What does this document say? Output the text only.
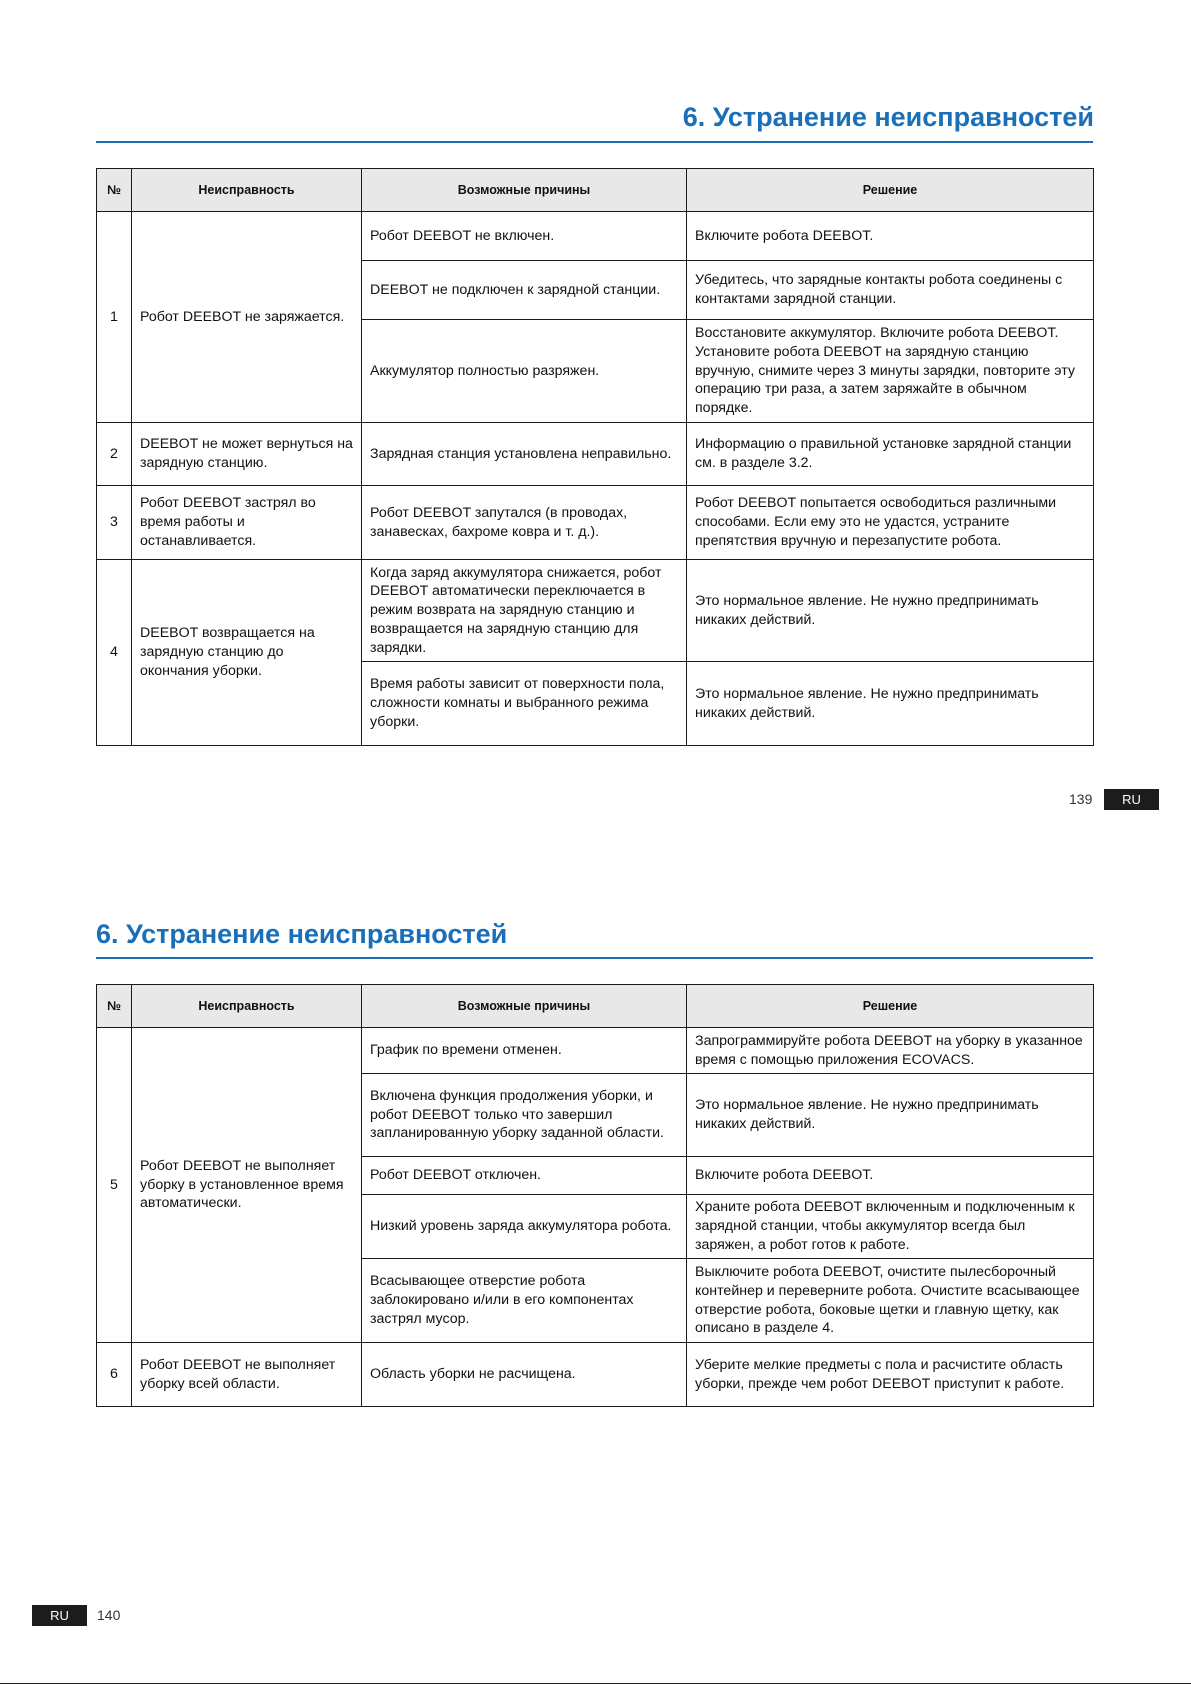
6. Устранение неисправностей
№	Неисправность	Возможные причины	Решение
1	Робот DEEBOT не заряжается.	Робот DEEBOT не включен.	Включите робота DEEBOT.
		DEEBOT не подключен к зарядной станции.	Убедитесь, что зарядные контакты робота соединены с контактами зарядной станции.
		Аккумулятор полностью разряжен.	Восстановите аккумулятор. Включите робота DEEBOT. Установите робота DEEBOT на зарядную станцию вручную, снимите через 3 минуты зарядки, повторите эту операцию три раза, а затем заряжайте в обычном порядке.
2	DEEBOT не может вернуться на зарядную станцию.	Зарядная станция установлена неправильно.	Информацию о правильной установке зарядной станции см. в разделе 3.2.
3	Робот DEEBOT застрял во время работы и останавливается.	Робот DEEBOT запутался (в проводах, занавесках, бахроме ковра и т. д.).	Робот DEEBOT попытается освободиться различными способами. Если ему это не удастся, устраните препятствия вручную и перезапустите робота.
4	DEEBOT возвращается на зарядную станцию до окончания уборки.	Когда заряд аккумулятора снижается, робот DEEBOT автоматически переключается в режим возврата на зарядную станцию и возвращается на зарядную станцию для зарядки.	Это нормальное явление. Не нужно предпринимать никаких действий.
		Время работы зависит от поверхности пола, сложности комнаты и выбранного режима уборки.	Это нормальное явление. Не нужно предпринимать никаких действий.
139	RU
6. Устранение неисправностей
№	Неисправность	Возможные причины	Решение
5	Робот DEEBOT не выполняет уборку в установленное время автоматически.	График по времени отменен.	Запрограммируйте робота DEEBOT на уборку в указанное время с помощью приложения ECOVACS.
		Включена функция продолжения уборки, и робот DEEBOT только что завершил запланированную уборку заданной области.	Это нормальное явление. Не нужно предпринимать никаких действий.
		Робот DEEBOT отключен.	Включите робота DEEBOT.
		Низкий уровень заряда аккумулятора робота.	Храните робота DEEBOT включенным и подключенным к зарядной станции, чтобы аккумулятор всегда был заряжен, а робот готов к работе.
		Всасывающее отверстие робота заблокировано и/или в его компонентах застрял мусор.	Выключите робота DEEBOT, очистите пылесборочный контейнер и переверните робота. Очистите всасывающее отверстие робота, боковые щетки и главную щетку, как описано в разделе 4.
6	Робот DEEBOT не выполняет уборку всей области.	Область уборки не расчищена.	Уберите мелкие предметы с пола и расчистите область уборки, прежде чем робот DEEBOT приступит к работе.
RU	140
